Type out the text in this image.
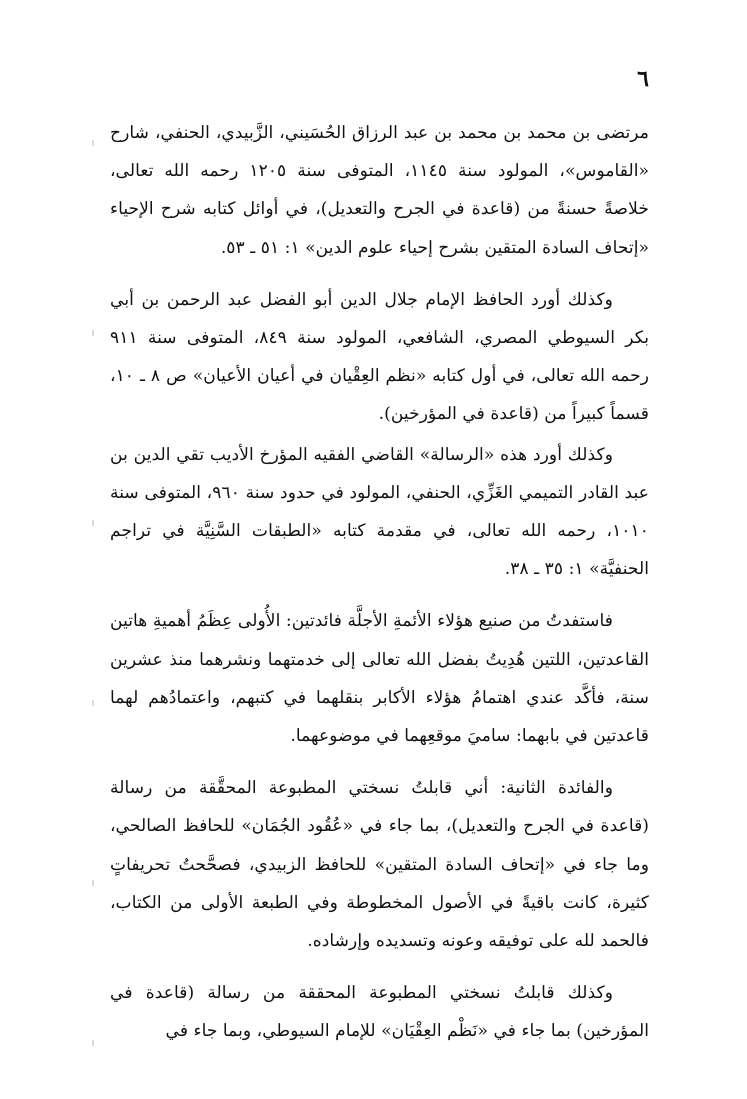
٦

مرتضى بن محمد بن محمد بن عبد الرزاق الحُسَيني، الزَّبيدي، الحنفي، شارح «القاموس»، المولود سنة ١١٤٥، المتوفى سنة ١٢٠٥ رحمه الله تعالى، خلاصةً حسنةً من (قاعدة في الجرح والتعديل)، في أوائل كتابه شرح الإحياء «إتحاف السادة المتقين بشرح إحياء علوم الدين» ١: ٥١ ـ ٥٣.

وكذلك أورد الحافظ الإمام جلال الدين أبو الفضل عبد الرحمن بن أبي بكر السيوطي المصري، الشافعي، المولود سنة ٨٤٩، المتوفى سنة ٩١١ رحمه الله تعالى، في أول كتابه «نظم العِقْيان في أعيان الأعيان» ص ٨ ـ ١٠، قسماً كبيراً من (قاعدة في المؤرخين).

وكذلك أورد هذه «الرسالة» القاضي الفقيه المؤرخ الأديب تقي الدين بن عبد القادر التميمي الغَزِّي، الحنفي، المولود في حدود سنة ٩٦٠، المتوفى سنة ١٠١٠، رحمه الله تعالى، في مقدمة كتابه «الطبقات السَّنِيَّة في تراجم الحنفيَّة» ١: ٣٥ ـ ٣٨.

فاستفدتُ من صنيع هؤلاء الأئمةِ الأجلَّة فائدتين: الأُولى عِظَمُ أهميةِ هاتين القاعدتين، اللتين هُدِيتُ بفضل الله تعالى إلى خدمتهما ونشرهما منذ عشرين سنة، فأكَّد عندي اهتمامُ هؤلاء الأكابر بنقلهما في كتبهم، واعتمادُهم لهما قاعدتين في بابهما: ساميَ موقعِهما في موضوعهما.

والفائدة الثانية: أني قابلتُ نسختي المطبوعة المحقَّقة من رسالة (قاعدة في الجرح والتعديل)، بما جاء في «عُقُود الجُمَان» للحافظ الصالحي، وما جاء في «إتحاف السادة المتقين» للحافظ الزبيدي، فصحَّحتُ تحريفاتٍ كثيرة، كانت باقيةً في الأصول المخطوطة وفي الطبعة الأولى من الكتاب، فالحمد لله على توفيقه وعونه وتسديده وإرشاده.

وكذلك قابلتُ نسختي المطبوعة المحققة من رسالة (قاعدة في المؤرخين) بما جاء في «نَظْم العِقْيَان» للإمام السيوطي، وبما جاء في
